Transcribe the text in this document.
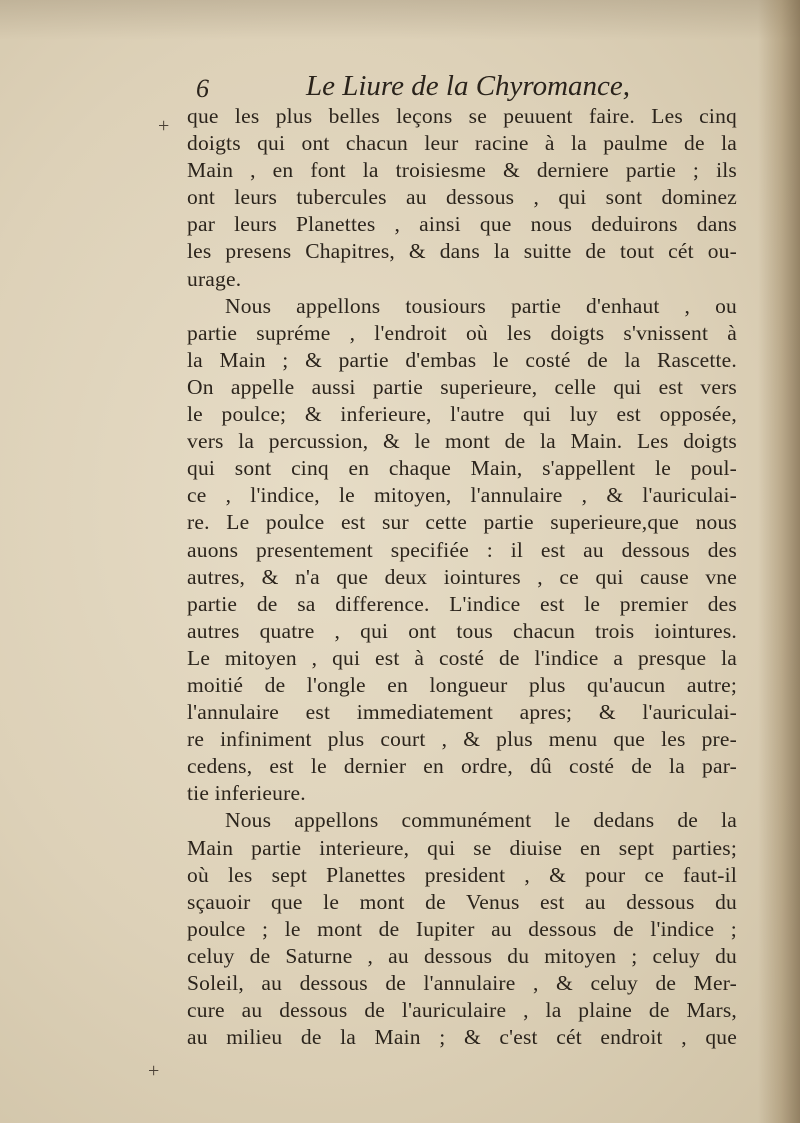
6	Le Liure de la Chyromance,
+
+
que les plus belles leçons se peuuent faire. Les cinq
doigts qui ont chacun leur racine à la paulme de la
Main , en font la troisiesme & derniere partie ; ils
ont leurs tubercules au dessous , qui sont dominez
par leurs Planettes , ainsi que nous deduirons dans
les presens Chapitres, & dans la suitte de tout cét ou-
urage.
Nous appellons tousiours partie d'enhaut , ou
partie supréme , l'endroit où les doigts s'vnissent à
la Main ; & partie d'embas le costé de la Rascette.
On appelle aussi partie superieure, celle qui est vers
le poulce; & inferieure, l'autre qui luy est opposée,
vers la percussion, & le mont de la Main. Les doigts
qui sont cinq en chaque Main, s'appellent le poul-
ce , l'indice, le mitoyen, l'annulaire , & l'auriculai-
re. Le poulce est sur cette partie superieure,que nous
auons presentement specifiée : il est au dessous des
autres, & n'a que deux iointures , ce qui cause vne
partie de sa difference. L'indice est le premier des
autres quatre , qui ont tous chacun trois iointures.
Le mitoyen , qui est à costé de l'indice a presque la
moitié de l'ongle en longueur plus qu'aucun autre;
l'annulaire est immediatement apres; & l'auriculai-
re infiniment plus court , & plus menu que les pre-
cedens, est le dernier en ordre, dû costé de la par-
tie inferieure.
Nous appellons communément le dedans de la
Main partie interieure, qui se diuise en sept parties;
où les sept Planettes president , & pour ce faut-il
sçauoir que le mont de Venus est au dessous du
poulce ; le mont de Iupiter au dessous de l'indice ;
celuy de Saturne , au dessous du mitoyen ; celuy du
Soleil, au dessous de l'annulaire , & celuy de Mer-
cure au dessous de l'auriculaire , la plaine de Mars,
au milieu de la Main ; & c'est cét endroit , que
